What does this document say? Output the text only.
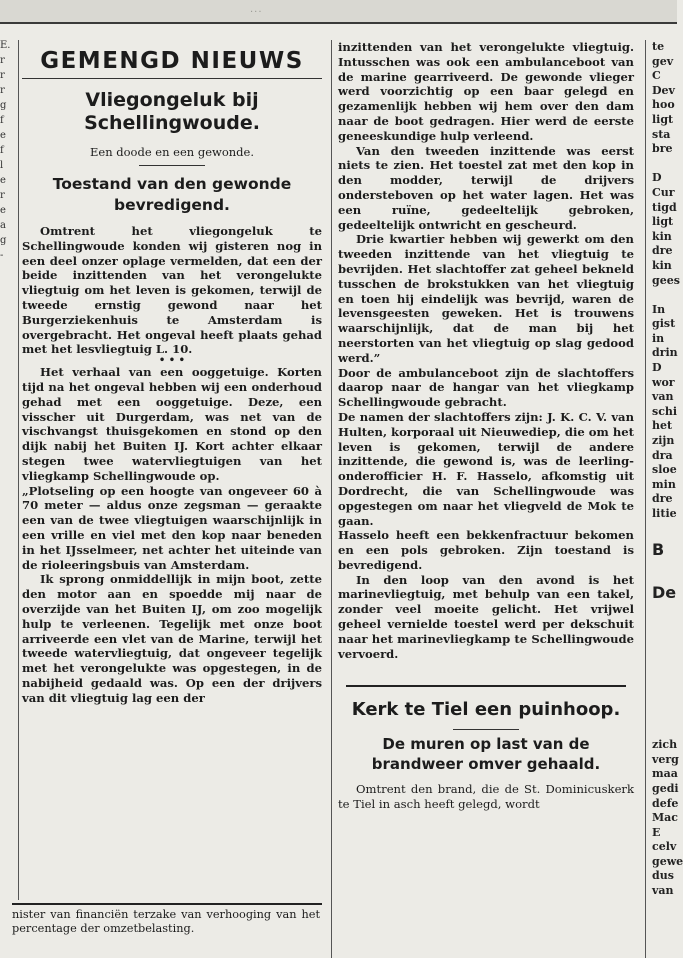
...
E.
r
r
r
g
f
e
f
l
e
r
e
a
g
-
GEMENGD NIEUWS
Vliegongeluk bij Schellingwoude.
Een doode en een gewonde.
Toestand van den gewonde bevredigend.

Omtrent het vliegongeluk te Schellingwoude konden wij gisteren nog in een deel onzer oplage vermelden, dat een der beide inzittenden van het verongelukte vliegtuig om het leven is gekomen, terwijl de tweede ernstig gewond naar het Burgerziekenhuis te Amsterdam is overgebracht. Het ongeval heeft plaats gehad met het lesvliegtuig L. 10.

• • •

Het verhaal van een ooggetuige. Korten tijd na het ongeval hebben wij een onderhoud gehad met een ooggetuige. Deze, een visscher uit Durgerdam, was net van de vischvangst thuisgekomen en stond op den dijk nabij het Buiten IJ. Kort achter elkaar stegen twee watervliegtuigen van het vliegkamp Schellingwoude op.

„Plotseling op een hoogte van ongeveer 60 à 70 meter — aldus onze zegsman — geraakte een van de twee vliegtuigen waarschijnlijk in een vrille en viel met den kop naar beneden in het IJsselmeer, net achter het uiteinde van de rioleeringsbuis van Amsterdam.

Ik sprong onmiddellijk in mijn boot, zette den motor aan en spoedde mij naar de overzijde van het Buiten IJ, om zoo mogelijk hulp te verleenen. Tegelijk met onze boot arriveerde een vlet van de Marine, terwijl het tweede watervliegtuig, dat ongeveer tegelijk met het verongelukte was opgestegen, in de nabijheid gedaald was. Op een der drijvers van dit vliegtuig lag een der

nister van financiën terzake van verhooging van het percentage der omzetbelasting.

inzittenden van het verongelukte vliegtuig. Intusschen was ook een ambulanceboot van de marine gearriveerd. De gewonde vlieger werd voorzichtig op een baar gelegd en gezamenlijk hebben wij hem over den dam naar de boot gedragen. Hier werd de eerste geneeskundige hulp verleend.

Van den tweeden inzittende was eerst niets te zien. Het toestel zat met den kop in den modder, terwijl de drijvers ondersteboven op het water lagen. Het was een ruïne, gedeeltelijk gebroken, gedeeltelijk ontwricht en gescheurd.

Drie kwartier hebben wij gewerkt om den tweeden inzittende van het vliegtuig te bevrijden. Het slachtoffer zat geheel bekneld tusschen de brokstukken van het vliegtuig en toen hij eindelijk was bevrijd, waren de levensgeesten geweken. Het is trouwens waarschijnlijk, dat de man bij het neerstorten van het vliegtuig op slag gedood werd.”

Door de ambulanceboot zijn de slachtoffers daarop naar de hangar van het vliegkamp Schellingwoude gebracht.

De namen der slachtoffers zijn: J. K. C. V. van Hulten, korporaal uit Nieuwediep, die om het leven is gekomen, terwijl de andere inzittende, die gewond is, was de leerling-onderofficier H. F. Hasselo, afkomstig uit Dordrecht, die van Schellingwoude was opgestegen om naar het vliegveld de Mok te gaan.

Hasselo heeft een bekkenfractuur bekomen en een pols gebroken. Zijn toestand is bevredigend.

In den loop van den avond is het marinevliegtuig, met behulp van een takel, zonder veel moeite gelicht. Het vrijwel geheel vernielde toestel werd per dekschuit naar het marinevliegkamp te Schellingwoude vervoerd.

Kerk te Tiel een puinhoop.
De muren op last van de brandweer omver gehaald.

Omtrent den brand, die de St. Dominicuskerk te Tiel in asch heeft gelegd, wordt

te
gev
C
Dev
hoo
ligt
sta
bre
D
Cur
tigd
ligt
kin
dre
kin
gees
In
gist
in
drin
D
wor
van
schi
het
zijn
dra
sloe
min
dre
litie
B
De
zich
verg
maa
gedi
defe
Mac
E
celv
gewe
dus
van
